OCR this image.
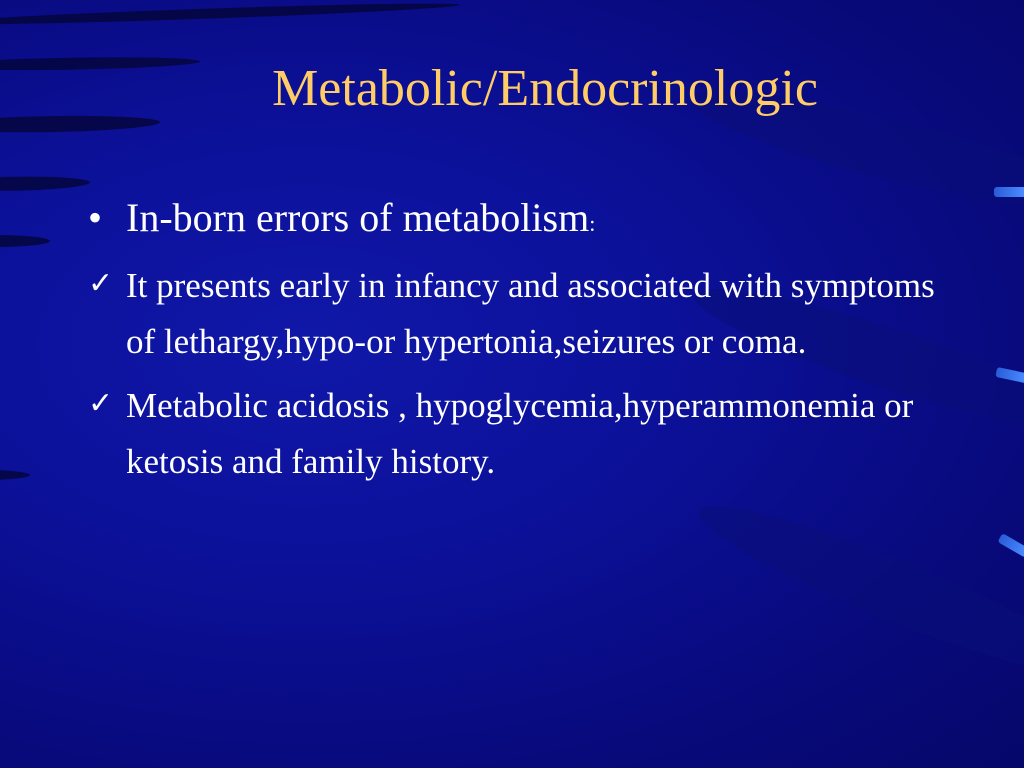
Metabolic/Endocrinologic
• In-born errors of metabolism:
✓ It presents early in infancy and associated with symptoms of lethargy,hypo-or hypertonia,seizures or coma.
✓ Metabolic acidosis , hypoglycemia,hyperammonemia or ketosis and family history.
